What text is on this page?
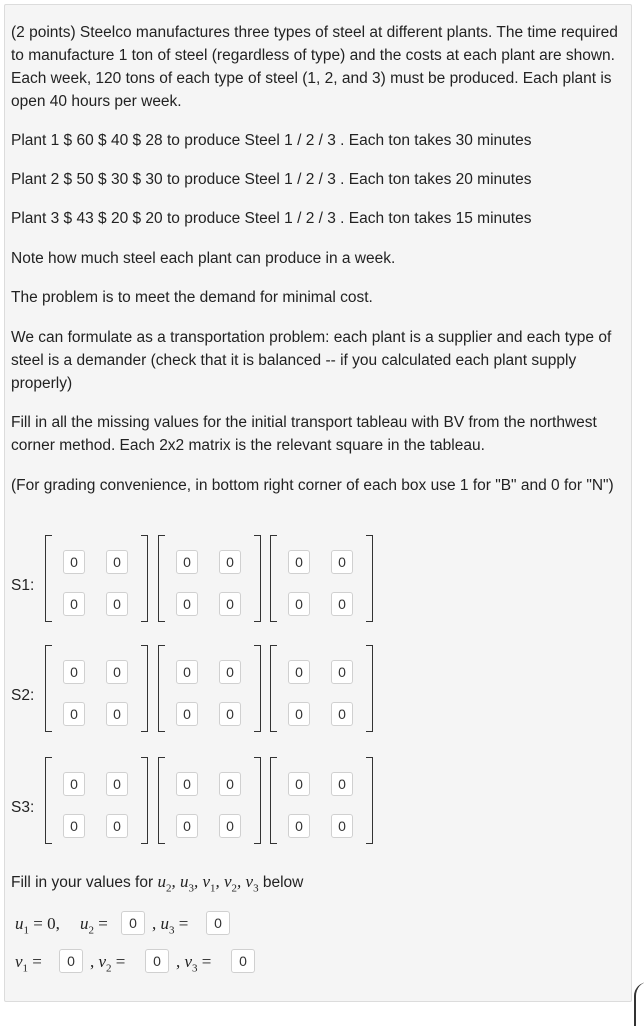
(2 points) Steelco manufactures three types of steel at different plants. The time required to manufacture 1 ton of steel (regardless of type) and the costs at each plant are shown. Each week, 120 tons of each type of steel (1, 2, and 3) must be produced. Each plant is open 40 hours per week.

Plant 1 $ 60 $ 40 $ 28 to produce Steel 1 / 2 / 3 . Each ton takes 30 minutes

Plant 2 $ 50 $ 30 $ 30 to produce Steel 1 / 2 / 3 . Each ton takes 20 minutes

Plant 3 $ 43 $ 20 $ 20 to produce Steel 1 / 2 / 3 . Each ton takes 15 minutes

Note how much steel each plant can produce in a week.

The problem is to meet the demand for minimal cost.

We can formulate as a transportation problem: each plant is a supplier and each type of steel is a demander (check that it is balanced -- if you calculated each plant supply properly)

Fill in all the missing values for the initial transport tableau with BV from the northwest corner method. Each 2x2 matrix is the relevant square in the tableau.

(For grading convenience, in bottom right corner of each box use 1 for "B" and 0 for "N")

S1:
0	0
0	0
0	0
0	0
0	0
0	0
S2:
0	0
0	0
0	0
0	0
0	0
0	0
S3:
0	0
0	0
0	0
0	0
0	0
0	0
Fill in your values for $u_2$, $u_3$, $v_1$, $v_2$, $v_3$ below
$u_1 = 0$, $u_2$ =	0 , $u_3$ =	0
$v_1$ =	0 , $v_2$ =	0 , $v_3$ =	0
